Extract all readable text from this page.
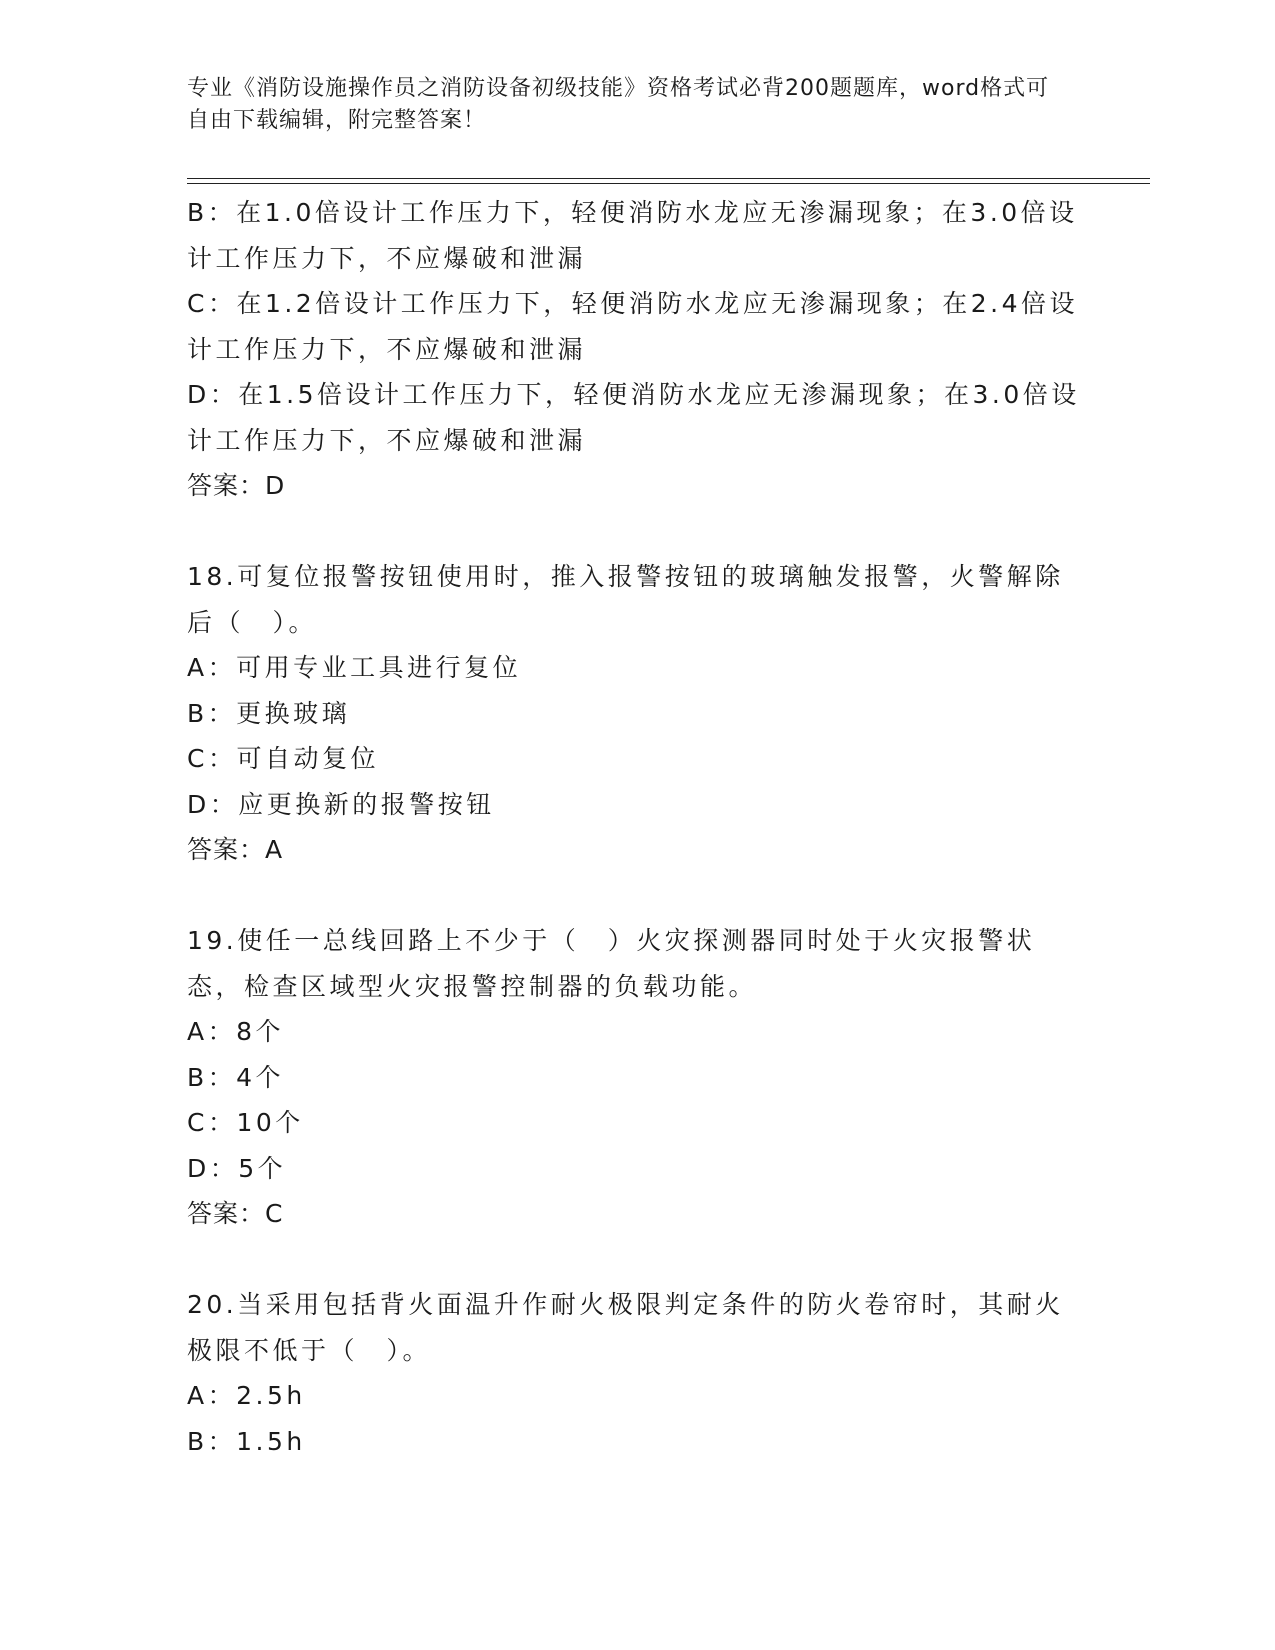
专业《消防设施操作员之消防设备初级技能》资格考试必背200题题库，word格式可自由下载编辑，附完整答案！

B：在1.0倍设计工作压力下，轻便消防水龙应无渗漏现象；在3.0倍设计工作压力下，不应爆破和泄漏

C：在1.2倍设计工作压力下，轻便消防水龙应无渗漏现象；在2.4倍设计工作压力下，不应爆破和泄漏

D：在1.5倍设计工作压力下，轻便消防水龙应无渗漏现象；在3.0倍设计工作压力下，不应爆破和泄漏

答案：D

18.可复位报警按钮使用时，推入报警按钮的玻璃触发报警，火警解除后（　）。

A：可用专业工具进行复位

B：更换玻璃

C：可自动复位

D：应更换新的报警按钮

答案：A

19.使任一总线回路上不少于（　）火灾探测器同时处于火灾报警状态，检查区域型火灾报警控制器的负载功能。

A：8个

B：4个

C：10个

D：5个

答案：C

20.当采用包括背火面温升作耐火极限判定条件的防火卷帘时，其耐火极限不低于（　）。

A：2.5h

B：1.5h
